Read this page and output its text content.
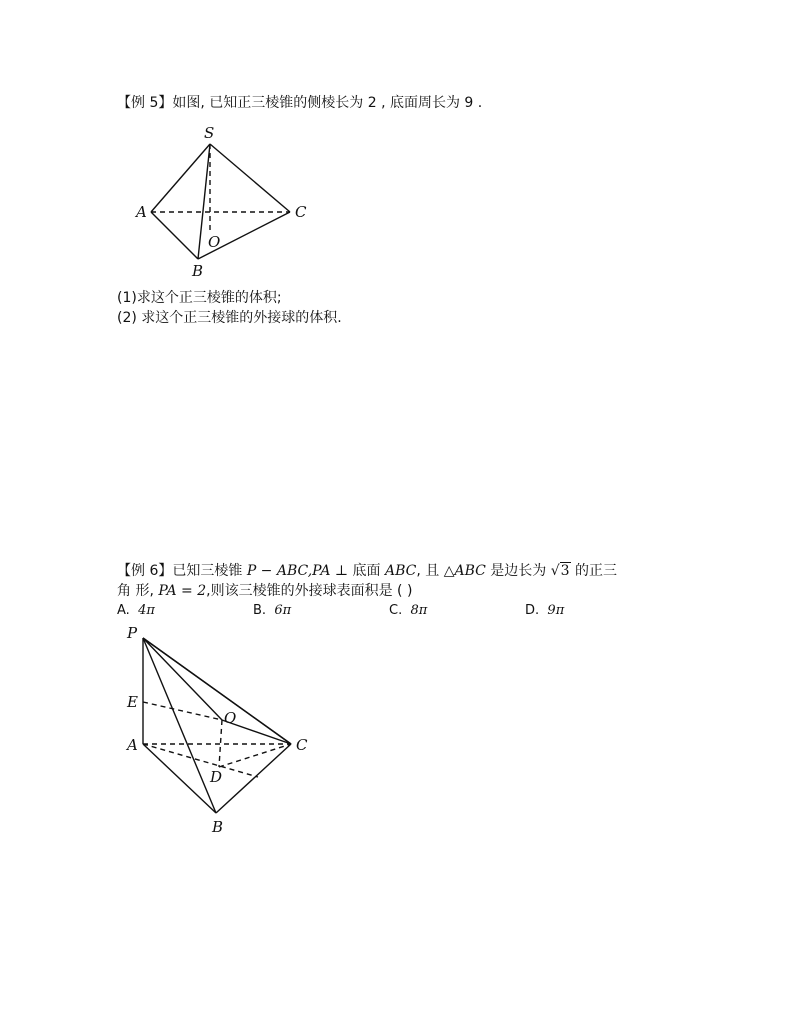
【例 5】如图, 已知正三棱锥的侧棱长为 2 , 底面周长为 9 .
S
A	C
O
B
(1)求这个正三棱锥的体积;
(2) 求这个正三棱锥的外接球的体积.
【例 6】已知三棱锥 P − ABC,PA ⊥ 底面 ABC, 且 △ABC 是边长为 √3 的正三
角 形, PA = 2,则该三棱锥的外接球表面积是 ( )
A. 4π	B. 6π	C. 8π	D. 9π
P
E
O
A	C
D
B
